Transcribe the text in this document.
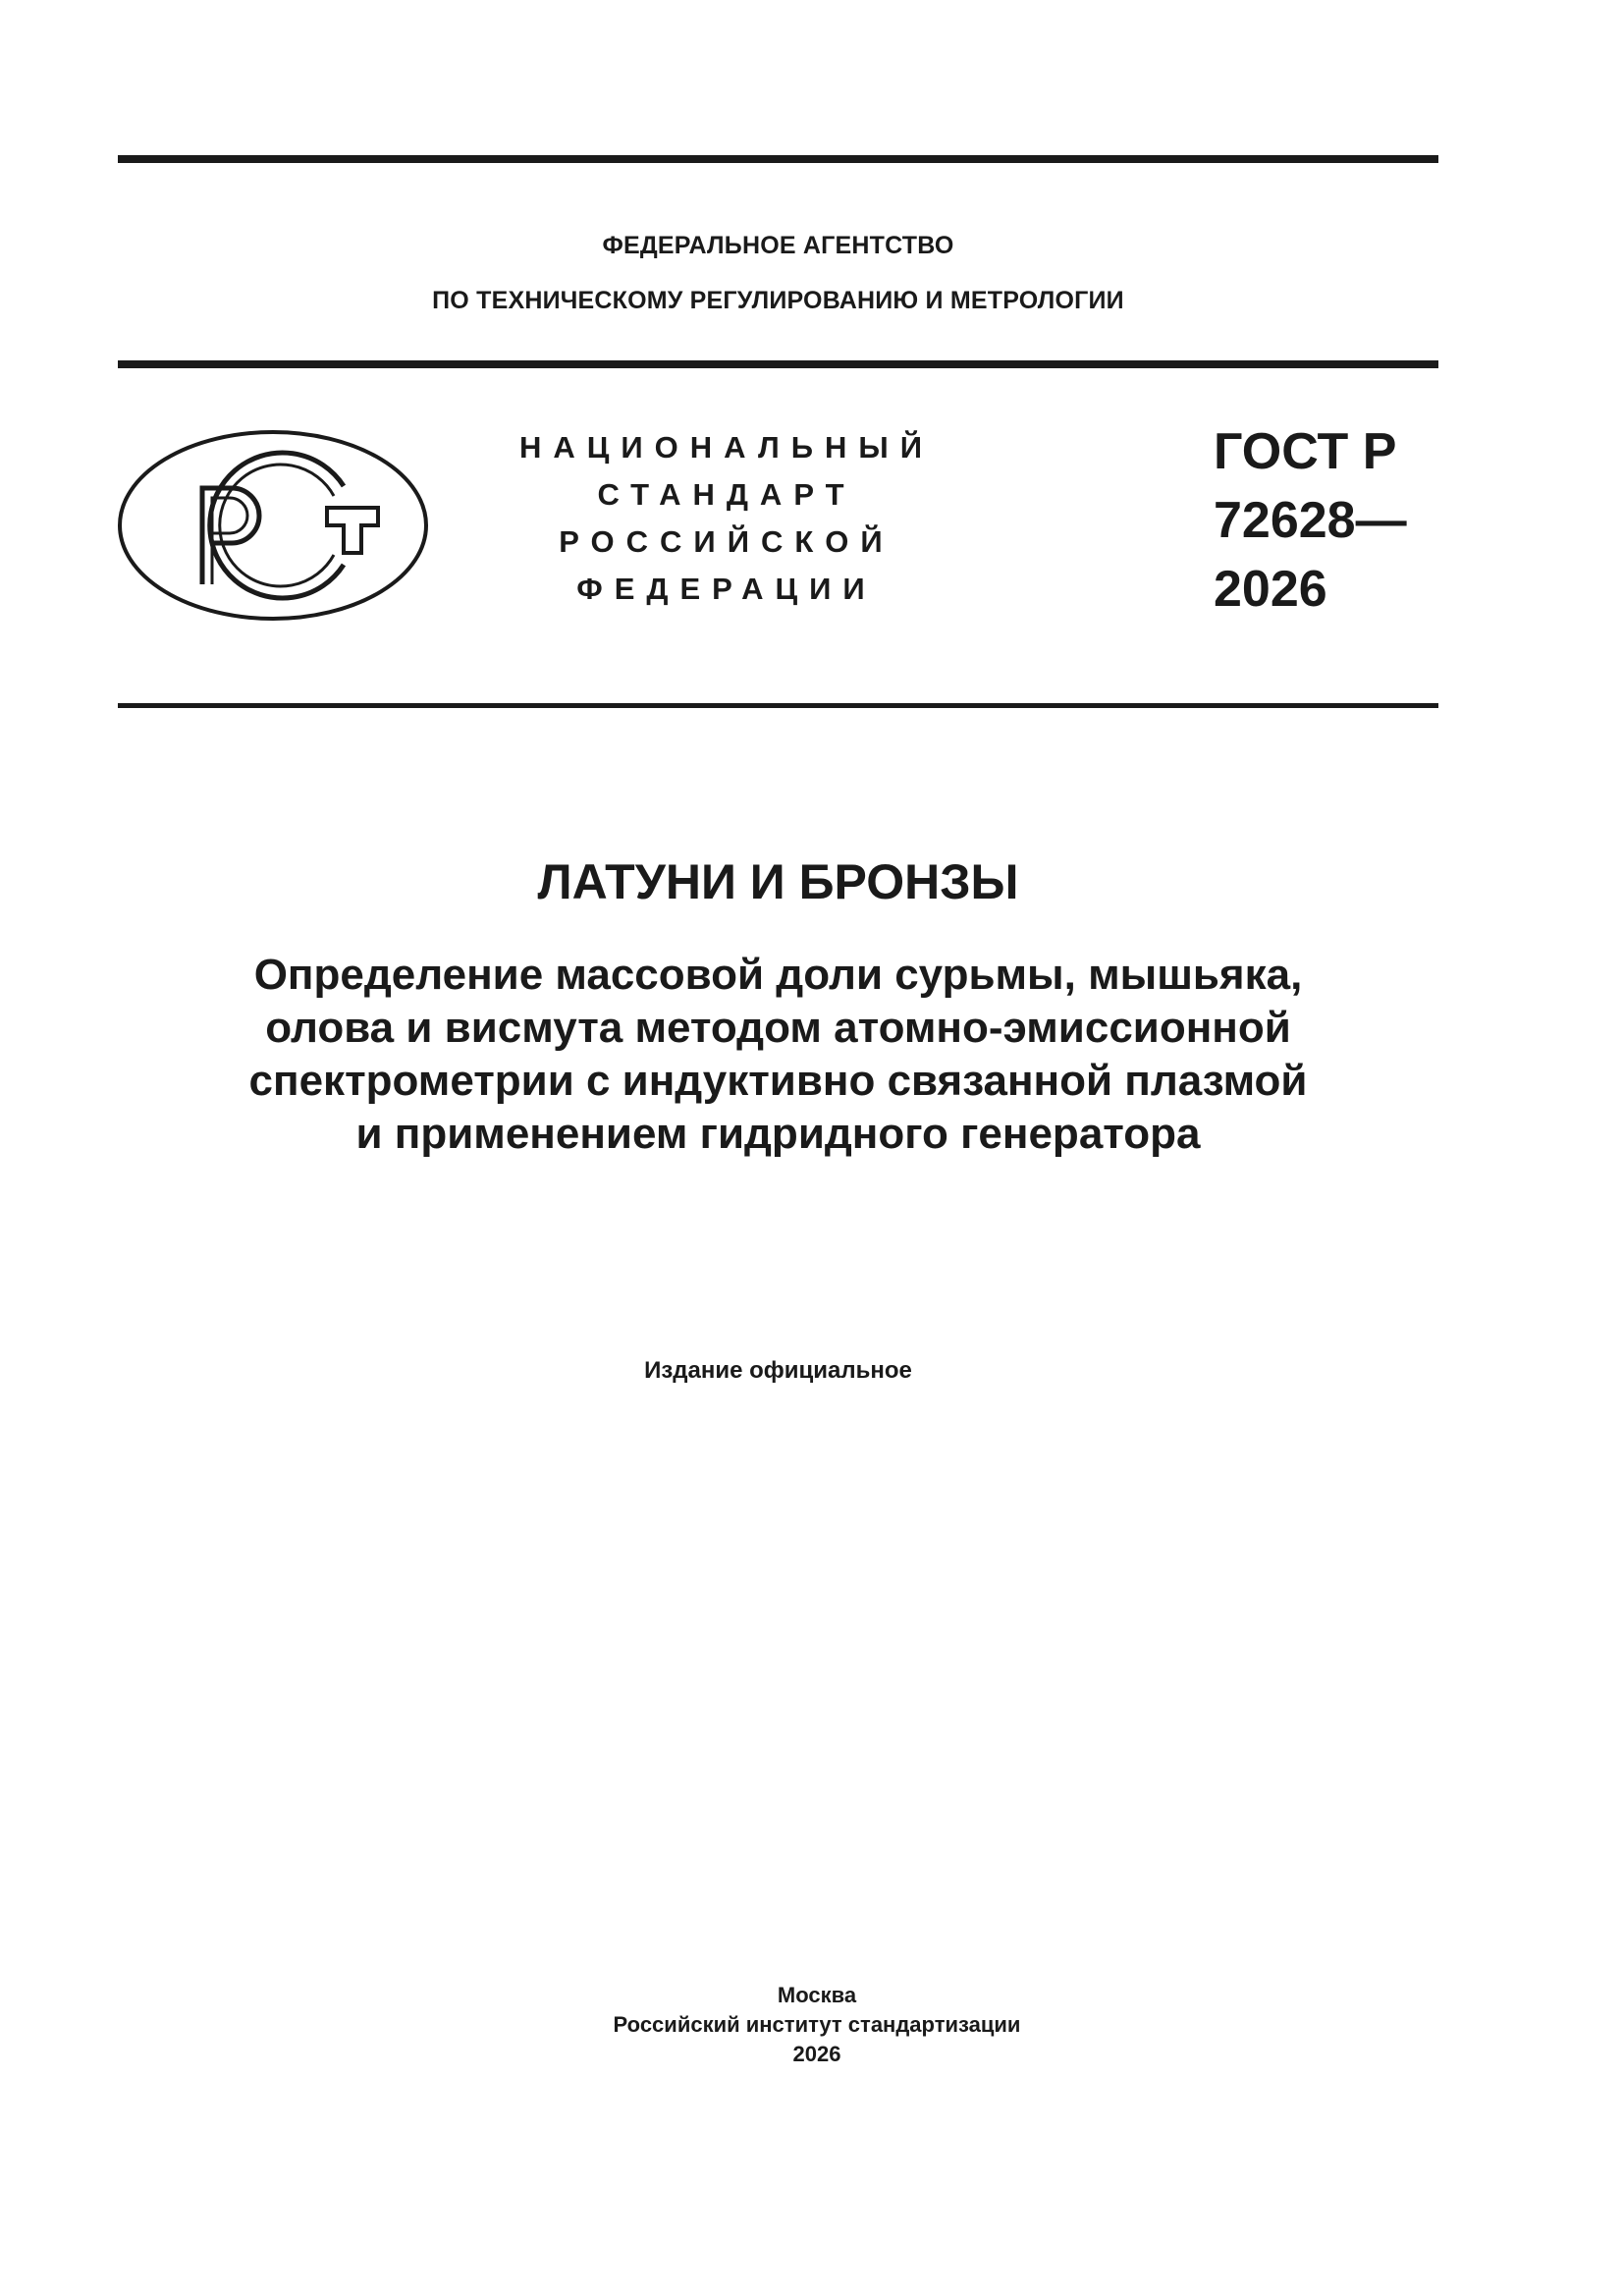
ФЕДЕРАЛЬНОЕ АГЕНТСТВО
ПО ТЕХНИЧЕСКОМУ РЕГУЛИРОВАНИЮ И МЕТРОЛОГИИ
НАЦИОНАЛЬНЫЙ
СТАНДАРТ
РОССИЙСКОЙ
ФЕДЕРАЦИИ
ГОСТ Р
72628—
2026
ЛАТУНИ И БРОНЗЫ
Определение массовой доли сурьмы, мышьяка,
олова и висмута методом атомно-эмиссионной
спектрометрии с индуктивно связанной плазмой
и применением гидридного генератора
Издание официальное
Москва
Российский институт стандартизации
2026
